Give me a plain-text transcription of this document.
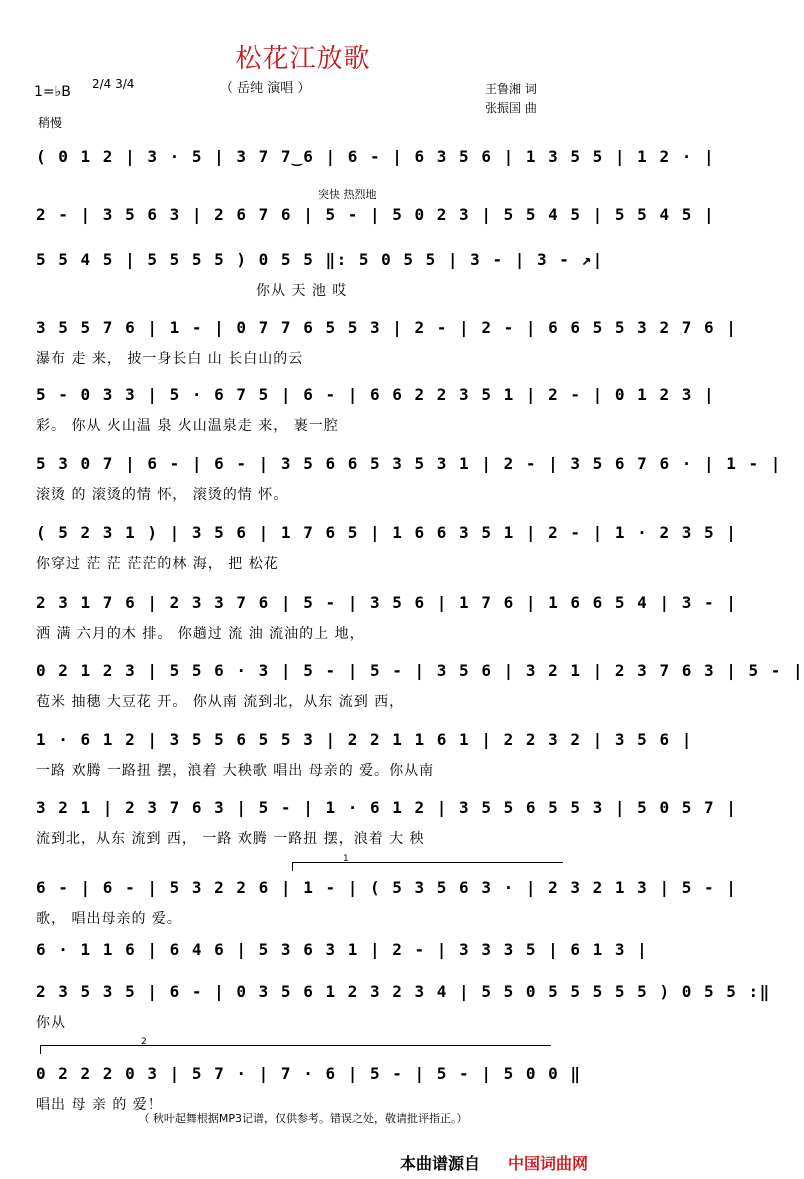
松花江放歌
（ 岳纯 演唱 ）	王鲁湘 词
张振国 曲
1=♭B 2/4 3/4
稍慢
突快 热烈地
1
2
( 0 1 2 | 3 · 5 | 3 7 7‿6 | 6 - | 6 3 5 6 | 1 3 5 5 | 1 2 · |
2 - | 3 5 6 3 | 2 6 7 6 | 5 - | 5 0 2 3 | 5 5 4 5 | 5 5 4 5 |
5 5 4 5 | 5 5 5 5 ) 0 5 5 ‖: 5 0 5 5 | 3 - | 3 - ↗|
你从 天 池 哎
3 5 5 7 6 | 1 - | 0 7 7 6 5 5 3 | 2 - | 2 - | 6 6 5 5 3 2 7 6 |
瀑布 走 来， 披一身长白 山 长白山的云
5 - 0 3 3 | 5 · 6 7 5 | 6 - | 6 6 2 2 3 5 1 | 2 - | 0 1 2 3 |
彩。 你从 火山温 泉 火山温泉走 来， 裹一腔
5 3 0 7 | 6 - | 6 - | 3 5 6 6 5 3 5 3 1 | 2 - | 3 5 6 7 6 · | 1 - |
滚烫 的 滚烫的情 怀， 滚烫的情 怀。
( 5 2 3 1 ) | 3 5 6 | 1 7 6 5 | 1 6 6 3 5 1 | 2 - | 1 · 2 3 5 |
你穿过 茫 茫 茫茫的林 海， 把 松花
2 3 1 7 6 | 2 3 3 7 6 | 5 - | 3 5 6 | 1 7 6 | 1 6 6 5 4 | 3 - |
洒 满 六月的木 排。 你趟过 流 油 流油的上 地，
0 2 1 2 3 | 5 5 6 · 3 | 5 - | 5 - | 3 5 6 | 3 2 1 | 2 3 7 6 3 | 5 - |
苞米 抽穗 大豆花 开。 你从南 流到北，从东 流到 西，
1 · 6 1 2 | 3 5 5 6 5 5 3 | 2 2 1 1 6 1 | 2 2 3 2 | 3 5 6 |
一路 欢腾 一路扭 摆，浪着 大秧歌 唱出 母亲的 爱。你从南
3 2 1 | 2 3 7 6 3 | 5 - | 1 · 6 1 2 | 3 5 5 6 5 5 3 | 5 0 5 7 |
流到北，从东 流到 西， 一路 欢腾 一路扭 摆，浪着 大 秧
6 - | 6 - | 5 3 2 2 6 | 1 - | ( 5 3 5 6 3 · | 2 3 2 1 3 | 5 - |
歌， 唱出母亲的 爱。
6 · 1 1 6 | 6 4 6 | 5 3 6 3 1 | 2 - | 3 3 3 5 | 6 1 3 |
2 3 5 3 5 | 6 - | 0 3 5 6 1 2 3 2 3 4 | 5 5 0 5 5 5 5 5 ) 0 5 5 :‖
你从
0 2 2 2 0 3 | 5 7 · | 7 · 6 | 5 - | 5 - | 5 0 0 ‖
唱出 母 亲 的 爱！
（ 秋叶起舞根据MP3记谱，仅供参考。错误之处，敬请批评指正。）
本曲谱源自 中国词曲网
